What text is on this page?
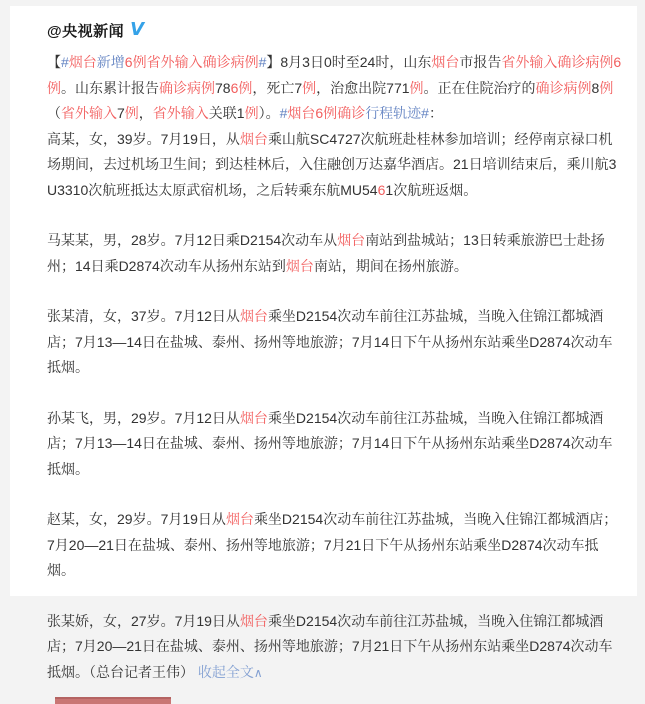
@央视新闻 V

【#烟台新增6例省外输入确诊病例#】8月3日0时至24时，山东烟台市报告省外输入确诊病例6例。山东累计报告确诊病例786例，死亡7例，治愈出院771例。正在住院治疗的确诊病例8例（省外输入7例，省外输入关联1例）。#烟台6例确诊行程轨迹#：

高某，女，39岁。7月19日，从烟台乘山航SC4727次航班赴桂林参加培训；经停南京禄口机场期间，去过机场卫生间；到达桂林后，入住融创万达嘉华酒店。21日培训结束后，乘川航3U3310次航班抵达太原武宿机场，之后转乘东航MU5461次航班返烟。

马某某，男，28岁。7月12日乘D2154次动车从烟台南站到盐城站；13日转乘旅游巴士赴扬州；14日乘D2874次动车从扬州东站到烟台南站，期间在扬州旅游。

张某清，女，37岁。7月12日从烟台乘坐D2154次动车前往江苏盐城，当晚入住锦江都城酒店；7月13—14日在盐城、泰州、扬州等地旅游；7月14日下午从扬州东站乘坐D2874次动车抵烟。

孙某飞，男，29岁。7月12日从烟台乘坐D2154次动车前往江苏盐城，当晚入住锦江都城酒店；7月13—14日在盐城、泰州、扬州等地旅游；7月14日下午从扬州东站乘坐D2874次动车抵烟。

赵某，女，29岁。7月19日从烟台乘坐D2154次动车前往江苏盐城，当晚入住锦江都城酒店；7月20—21日在盐城、泰州、扬州等地旅游；7月21日下午从扬州东站乘坐D2874次动车抵烟。

张某娇，女，27岁。7月19日从烟台乘坐D2154次动车前往江苏盐城，当晚入住锦江都城酒店；7月20—21日在盐城、泰州、扬州等地旅游；7月21日下午从扬州东站乘坐D2874次动车抵烟。（总台记者王伟） 收起全文∧
